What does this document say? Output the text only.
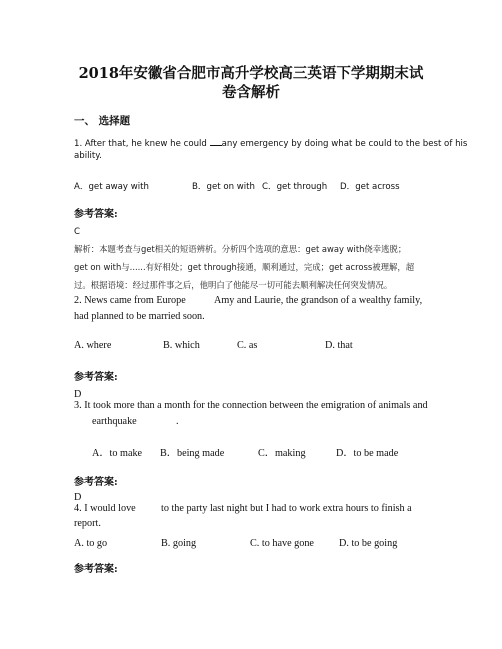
2018年安徽省合肥市高升学校高三英语下学期期末试
卷含解析
一、 选择题
1. After that, he knew he could any emergency by doing what be could to the best of his
ability.
A．get away with	B．get on with C．get through D．get across
参考答案:
C
解析：本题考查与get相关的短语辨析。分析四个选项的意思：get away with侥幸逃脱；
get on with与......有好相处；get through接通，顺利通过，完成；get across被理解，超
过。根据语境：经过那件事之后，他明白了他能尽一切可能去顺利解决任何突发情况。
2. News came from Europe	Amy and Laurie, the grandson of a wealthy family,
had planned to be married soon.
A. where	B. which	C. as	D. that
参考答案:
D
3. It took more than a month for the connection between the emigration of animals and
earthquake	.
A．to make B．being made	C．making	D．to be made
参考答案:
D
4. I would love to the party last night but I had to work extra hours to finish a
report.
A. to go	B. going	C. to have gone D. to be going
参考答案:
